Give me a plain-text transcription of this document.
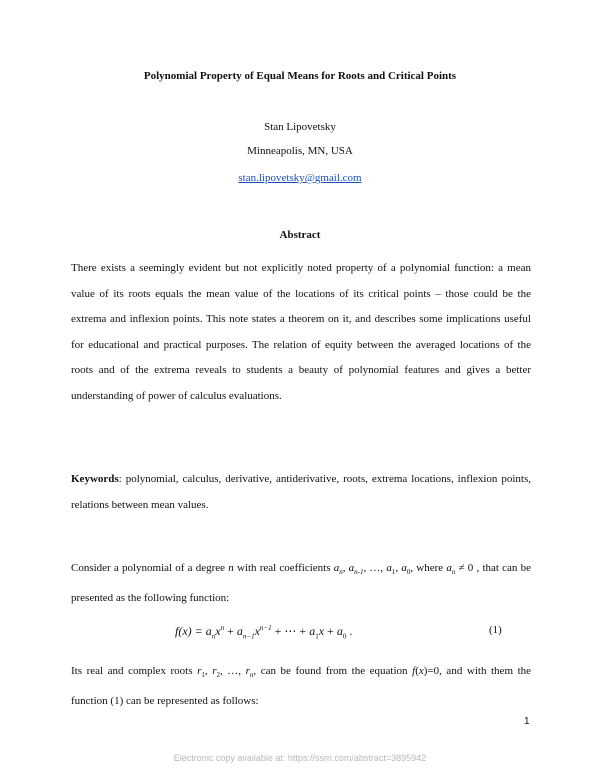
Polynomial Property of Equal Means for Roots and Critical Points
Stan Lipovetsky
Minneapolis, MN, USA
stan.lipovetsky@gmail.com
Abstract
There exists a seemingly evident but not explicitly noted property of a polynomial function: a mean value of its roots equals the mean value of the locations of its critical points – those could be the extrema and inflexion points. This note states a theorem on it, and describes some implications useful for educational and practical purposes. The relation of equity between the averaged locations of the roots and of the extrema reveals to students a beauty of polynomial features and gives a better understanding of power of calculus evaluations.
Keywords: polynomial, calculus, derivative, antiderivative, roots, extrema locations, inflexion points, relations between mean values.
Consider a polynomial of a degree n with real coefficients $a_n$, $a_{n-1}$, …, $a_1$, $a_0$, where $a_n \ne 0$ , that can be presented as the following function:
$f(x) = a_nx^n + a_{n-1}x^{n-1}$ + ⋯ + $a_1x + a_0$ .	(1)
Its real and complex roots $r_1$, $r_2$, …, $r_n$, can be found from the equation f(x)=0, and with them the function (1) can be represented as follows:
1
Electronic copy available at: https://ssrn.com/abstract=3895942
